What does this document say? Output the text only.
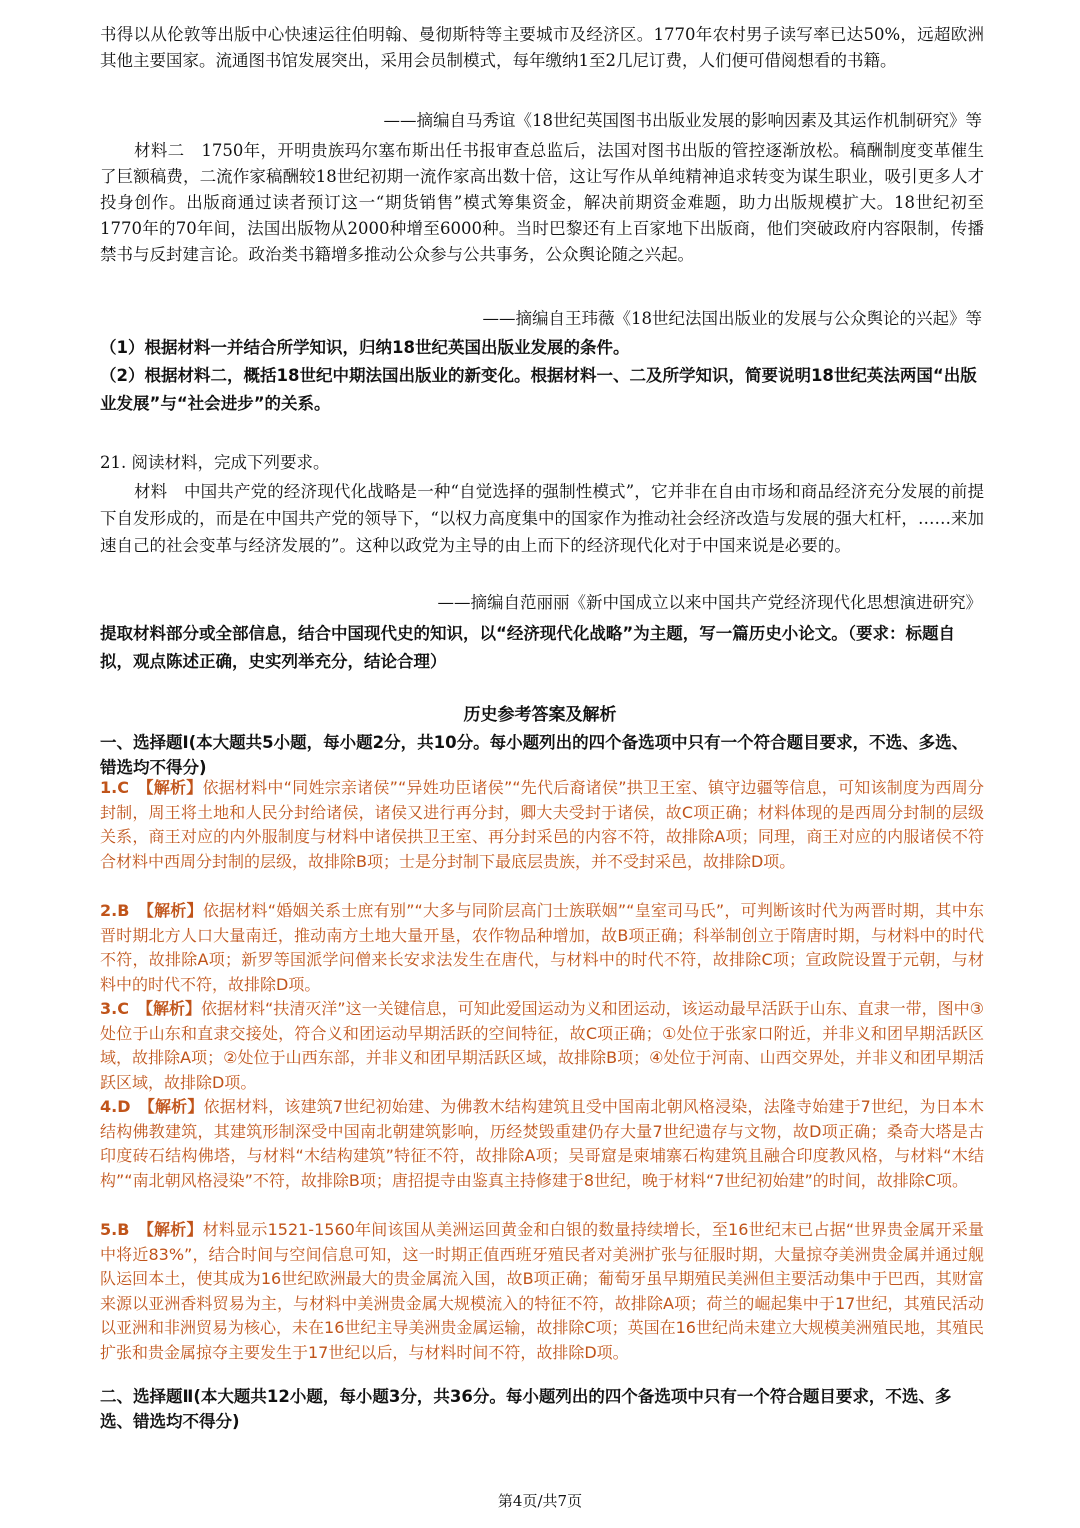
书得以从伦敦等出版中心快速运往伯明翰、曼彻斯特等主要城市及经济区。1770年农村男子读写率已达50%，远超欧洲其他主要国家。流通图书馆发展突出，采用会员制模式，每年缴纳1至2几尼订费，人们便可借阅想看的书籍。

——摘编自马秀谊《18世纪英国图书出版业发展的影响因素及其运作机制研究》等

材料二　1750年，开明贵族玛尔塞布斯出任书报审查总监后，法国对图书出版的管控逐渐放松。稿酬制度变革催生了巨额稿费，二流作家稿酬较18世纪初期一流作家高出数十倍，这让写作从单纯精神追求转变为谋生职业，吸引更多人才投身创作。出版商通过读者预订这一“期货销售”模式筹集资金，解决前期资金难题，助力出版规模扩大。18世纪初至1770年的70年间，法国出版物从2000种增至6000种。当时巴黎还有上百家地下出版商，他们突破政府内容限制，传播禁书与反封建言论。政治类书籍增多推动公众参与公共事务，公众舆论随之兴起。

——摘编自王玮薇《18世纪法国出版业的发展与公众舆论的兴起》等

（1）根据材料一并结合所学知识，归纳18世纪英国出版业发展的条件。

（2）根据材料二，概括18世纪中期法国出版业的新变化。根据材料一、二及所学知识，简要说明18世纪英法两国“出版业发展”与“社会进步”的关系。

21. 阅读材料，完成下列要求。

材料　中国共产党的经济现代化战略是一种“自觉选择的强制性模式”，它并非在自由市场和商品经济充分发展的前提下自发形成的，而是在中国共产党的领导下，“以权力高度集中的国家作为推动社会经济改造与发展的强大杠杆，……来加速自己的社会变革与经济发展的”。这种以政党为主导的由上而下的经济现代化对于中国来说是必要的。

——摘编自范丽丽《新中国成立以来中国共产党经济现代化思想演进研究》

提取材料部分或全部信息，结合中国现代史的知识，以“经济现代化战略”为主题，写一篇历史小论文。（要求：标题自拟，观点陈述正确，史实列举充分，结论合理）

历史参考答案及解析

一、选择题Ⅰ(本大题共5小题，每小题2分，共10分。每小题列出的四个备选项中只有一个符合题目要求，不选、多选、错选均不得分)

1.C　 【解析】依据材料中“同姓宗亲诸侯”“异姓功臣诸侯”“先代后裔诸侯”拱卫王室、镇守边疆等信息，可知该制度为西周分封制，周王将土地和人民分封给诸侯，诸侯又进行再分封，卿大夫受封于诸侯，故C项正确；材料体现的是西周分封制的层级关系，商王对应的内外服制度与材料中诸侯拱卫王室、再分封采邑的内容不符，故排除A项；同理，商王对应的内服诸侯不符合材料中西周分封制的层级，故排除B项；士是分封制下最底层贵族，并不受封采邑，故排除D项。

2.B　 【解析】依据材料“婚姻关系士庶有别”“大多与同阶层高门士族联姻”“皇室司马氏”，可判断该时代为两晋时期，其中东晋时期北方人口大量南迁，推动南方土地大量开垦，农作物品种增加，故B项正确；科举制创立于隋唐时期，与材料中的时代不符，故排除A项；新罗等国派学问僧来长安求法发生在唐代，与材料中的时代不符，故排除C项；宣政院设置于元朝，与材料中的时代不符，故排除D项。

3.C　 【解析】依据材料“扶清灭洋”这一关键信息，可知此爱国运动为义和团运动，该运动最早活跃于山东、直隶一带，图中③处位于山东和直隶交接处，符合义和团运动早期活跃的空间特征，故C项正确；①处位于张家口附近，并非义和团早期活跃区域，故排除A项；②处位于山西东部，并非义和团早期活跃区域，故排除B项；④处位于河南、山西交界处，并非义和团早期活跃区域，故排除D项。

4.D　 【解析】依据材料，该建筑7世纪初始建、为佛教木结构建筑且受中国南北朝风格浸染，法隆寺始建于7世纪，为日本木结构佛教建筑，其建筑形制深受中国南北朝建筑影响，历经焚毁重建仍存大量7世纪遗存与文物，故D项正确；桑奇大塔是古印度砖石结构佛塔，与材料“木结构建筑”特征不符，故排除A项；吴哥窟是柬埔寨石构建筑且融合印度教风格，与材料“木结构”“南北朝风格浸染”不符，故排除B项；唐招提寺由鉴真主持修建于8世纪，晚于材料“7世纪初始建”的时间，故排除C项。

5.B　 【解析】材料显示1521-1560年间该国从美洲运回黄金和白银的数量持续增长，至16世纪末已占据“世界贵金属开采量中将近83%”，结合时间与空间信息可知，这一时期正值西班牙殖民者对美洲扩张与征服时期，大量掠夺美洲贵金属并通过舰队运回本土，使其成为16世纪欧洲最大的贵金属流入国，故B项正确；葡萄牙虽早期殖民美洲但主要活动集中于巴西，其财富来源以亚洲香料贸易为主，与材料中美洲贵金属大规模流入的特征不符，故排除A项；荷兰的崛起集中于17世纪，其殖民活动以亚洲和非洲贸易为核心，未在16世纪主导美洲贵金属运输，故排除C项；英国在16世纪尚未建立大规模美洲殖民地，其殖民扩张和贵金属掠夺主要发生于17世纪以后，与材料时间不符，故排除D项。

二、选择题Ⅱ(本大题共12小题，每小题3分，共36分。每小题列出的四个备选项中只有一个符合题目要求，不选、多选、错选均不得分)

第4页/共7页
